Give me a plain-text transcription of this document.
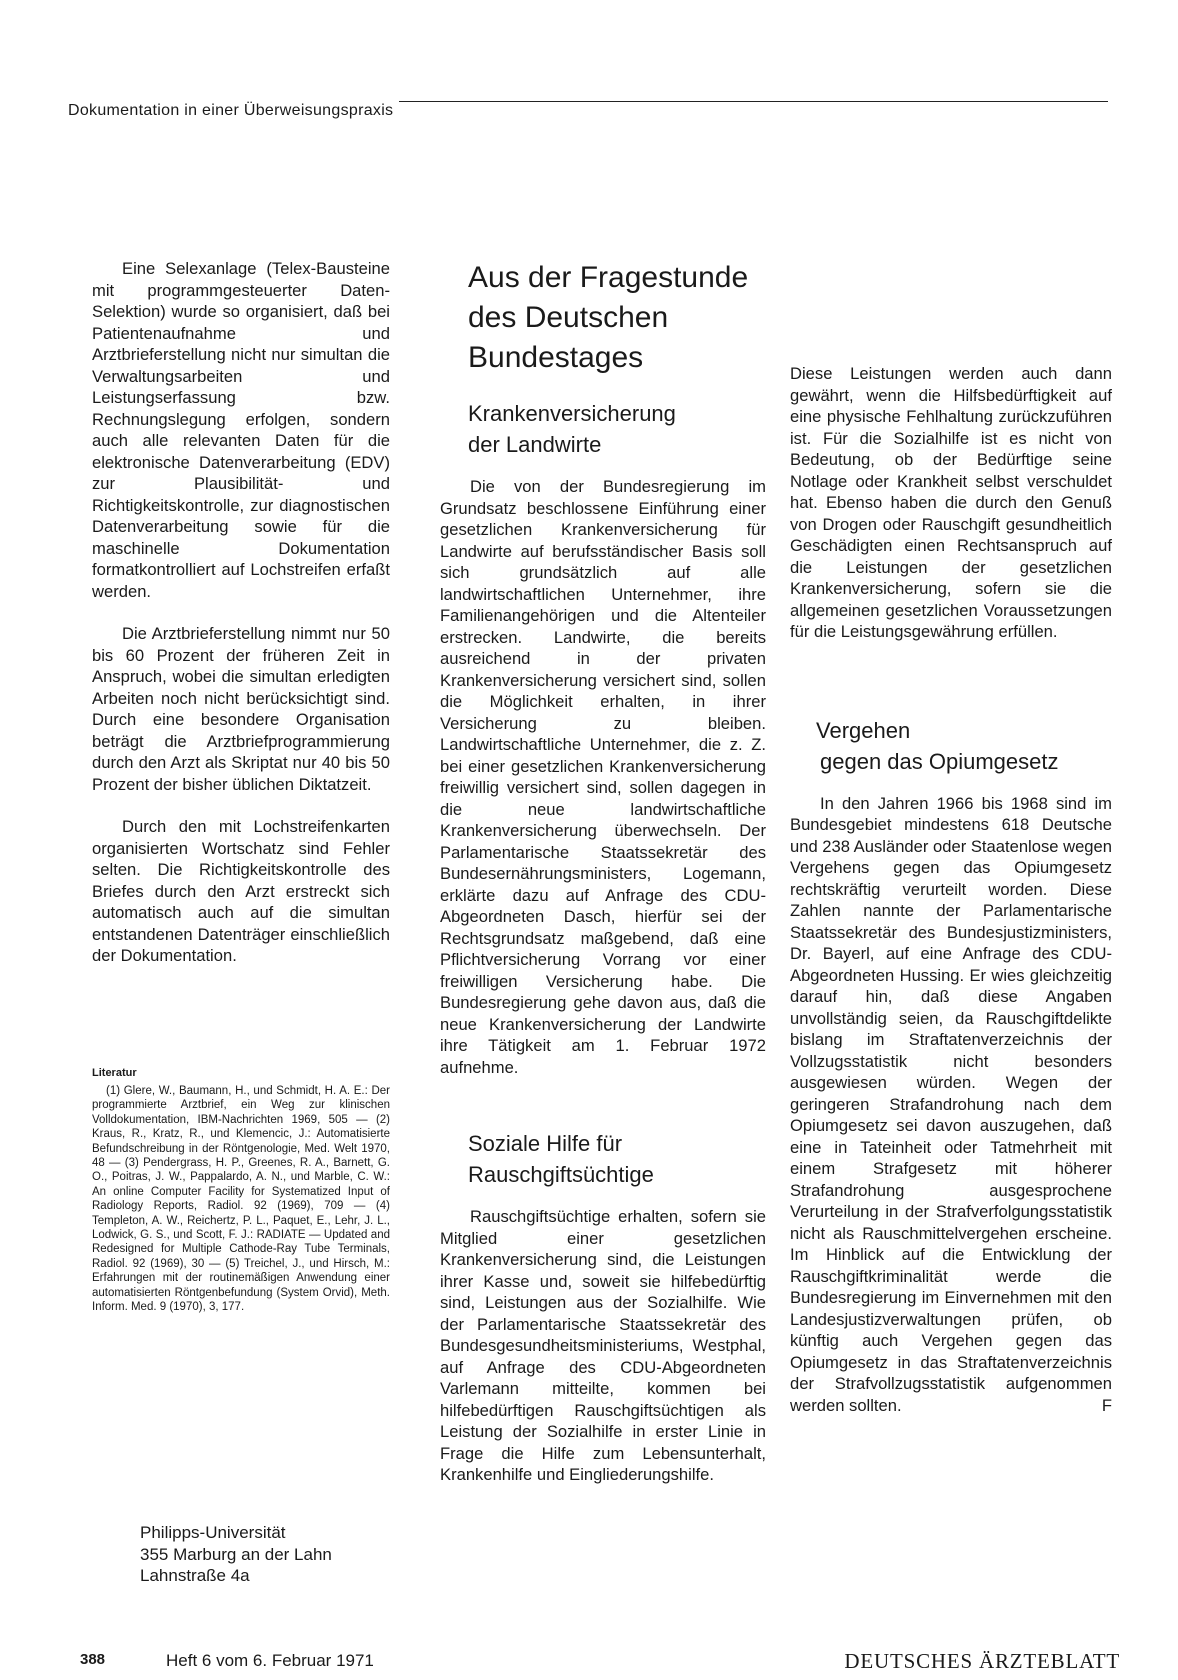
Dokumentation in einer Überweisungspraxis

Eine Selexanlage (Telex-Bausteine mit programmgesteuerter Daten-Selektion) wurde so organisiert, daß bei Patientenaufnahme und Arztbrieferstellung nicht nur simultan die Verwaltungsarbeiten und Leistungserfassung bzw. Rechnungslegung erfolgen, sondern auch alle relevanten Daten für die elektronische Datenverarbeitung (EDV) zur Plausibilität- und Richtigkeitskontrolle, zur diagnostischen Datenverarbeitung sowie für die maschinelle Dokumentation formatkontrolliert auf Lochstreifen erfaßt werden.

Die Arztbrieferstellung nimmt nur 50 bis 60 Prozent der früheren Zeit in Anspruch, wobei die simultan erledigten Arbeiten noch nicht berücksichtigt sind. Durch eine besondere Organisation beträgt die Arztbriefprogrammierung durch den Arzt als Skriptat nur 40 bis 50 Prozent der bisher üblichen Diktatzeit.

Durch den mit Lochstreifenkarten organisierten Wortschatz sind Fehler selten. Die Richtigkeitskontrolle des Briefes durch den Arzt erstreckt sich automatisch auch auf die simultan entstandenen Datenträger einschließlich der Dokumentation.

Literatur

(1) Glere, W., Baumann, H., und Schmidt, H. A. E.: Der programmierte Arztbrief, ein Weg zur klinischen Volldokumentation, IBM-Nachrichten 1969, 505 — (2) Kraus, R., Kratz, R., und Klemencic, J.: Automatisierte Befundschreibung in der Röntgenologie, Med. Welt 1970, 48 — (3) Pendergrass, H. P., Greenes, R. A., Barnett, G. O., Poitras, J. W., Pappalardo, A. N., und Marble, C. W.: An online Computer Facility for Systematized Input of Radiology Reports, Radiol. 92 (1969), 709 — (4) Templeton, A. W., Reichertz, P. L., Paquet, E., Lehr, J. L., Lodwick, G. S., und Scott, F. J.: RADIATE — Updated and Redesigned for Multiple Cathode-Ray Tube Terminals, Radiol. 92 (1969), 30 — (5) Treichel, J., und Hirsch, M.: Erfahrungen mit der routinemäßigen Anwendung einer automatisierten Röntgenbefundung (System Orvid), Meth. Inform. Med. 9 (1970), 3, 177.

Philipps-Universität
355 Marburg an der Lahn
Lahnstraße 4a
Aus der Fragestunde
des Deutschen Bundestages
Krankenversicherung
der Landwirte

Die von der Bundesregierung im Grundsatz beschlossene Einführung einer gesetzlichen Krankenversicherung für Landwirte auf berufsständischer Basis soll sich grundsätzlich auf alle landwirtschaftlichen Unternehmer, ihre Familienangehörigen und die Altenteiler erstrecken. Landwirte, die bereits ausreichend in der privaten Krankenversicherung versichert sind, sollen die Möglichkeit erhalten, in ihrer Versicherung zu bleiben. Landwirtschaftliche Unternehmer, die z. Z. bei einer gesetzlichen Krankenversicherung freiwillig versichert sind, sollen dagegen in die neue landwirtschaftliche Krankenversicherung überwechseln. Der Parlamentarische Staatssekretär des Bundesernährungsministers, Logemann, erklärte dazu auf Anfrage des CDU-Abgeordneten Dasch, hierfür sei der Rechtsgrundsatz maßgebend, daß eine Pflichtversicherung Vorrang vor einer freiwilligen Versicherung habe. Die Bundesregierung gehe davon aus, daß die neue Krankenversicherung der Landwirte ihre Tätigkeit am 1. Februar 1972 aufnehme.

Soziale Hilfe für
Rauschgiftsüchtige

Rauschgiftsüchtige erhalten, sofern sie Mitglied einer gesetzlichen Krankenversicherung sind, die Leistungen ihrer Kasse und, soweit sie hilfebedürftig sind, Leistungen aus der Sozialhilfe. Wie der Parlamentarische Staatssekretär des Bundesgesundheitsministeriums, Westphal, auf Anfrage des CDU-Abgeordneten Varlemann mitteilte, kommen bei hilfebedürftigen Rauschgiftsüchtigen als Leistung der Sozialhilfe in erster Linie in Frage die Hilfe zum Lebensunterhalt, Krankenhilfe und Eingliederungshilfe.

Diese Leistungen werden auch dann gewährt, wenn die Hilfsbedürftigkeit auf eine physische Fehlhaltung zurückzuführen ist. Für die Sozialhilfe ist es nicht von Bedeutung, ob der Bedürftige seine Notlage oder Krankheit selbst verschuldet hat. Ebenso haben die durch den Genuß von Drogen oder Rauschgift gesundheitlich Geschädigten einen Rechtsanspruch auf die Leistungen der gesetzlichen Krankenversicherung, sofern sie die allgemeinen gesetzlichen Voraussetzungen für die Leistungsgewährung erfüllen.

Vergehen
gegen das Opiumgesetz

In den Jahren 1966 bis 1968 sind im Bundesgebiet mindestens 618 Deutsche und 238 Ausländer oder Staatenlose wegen Vergehens gegen das Opiumgesetz rechtskräftig verurteilt worden. Diese Zahlen nannte der Parlamentarische Staatssekretär des Bundesjustizministers, Dr. Bayerl, auf eine Anfrage des CDU-Abgeordneten Hussing. Er wies gleichzeitig darauf hin, daß diese Angaben unvollständig seien, da Rauschgiftdelikte bislang im Straftatenverzeichnis der Vollzugsstatistik nicht besonders ausgewiesen würden. Wegen der geringeren Strafandrohung nach dem Opiumgesetz sei davon auszugehen, daß eine in Tateinheit oder Tatmehrheit mit einem Strafgesetz mit höherer Strafandrohung ausgesprochene Verurteilung in der Strafverfolgungsstatistik nicht als Rauschmittelvergehen erscheine. Im Hinblick auf die Entwicklung der Rauschgiftkriminalität werde die Bundesregierung im Einvernehmen mit den Landesjustizverwaltungen prüfen, ob künftig auch Vergehen gegen das Opiumgesetz in das Straftatenverzeichnis der Strafvollzugsstatistik aufgenommen werden sollten.	F

388	Heft 6 vom 6. Februar 1971	DEUTSCHES ÄRZTEBLATT
